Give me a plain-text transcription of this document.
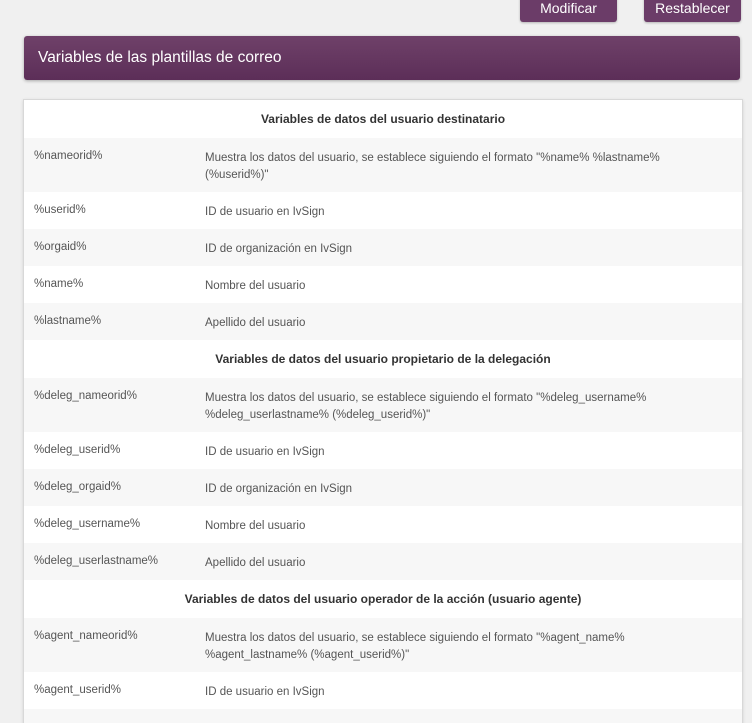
Modificar	Restablecer
Variables de las plantillas de correo
Variables de datos del usuario destinatario
%nameorid%	Muestra los datos del usuario, se establece siguiendo el formato "%name% %lastname% (%userid%)"
%userid%	ID de usuario en IvSign
%orgaid%	ID de organización en IvSign
%name%	Nombre del usuario
%lastname%	Apellido del usuario
Variables de datos del usuario propietario de la delegación
%deleg_nameorid%	Muestra los datos del usuario, se establece siguiendo el formato "%deleg_username% %deleg_userlastname% (%deleg_userid%)"
%deleg_userid%	ID de usuario en IvSign
%deleg_orgaid%	ID de organización en IvSign
%deleg_username%	Nombre del usuario
%deleg_userlastname%	Apellido del usuario
Variables de datos del usuario operador de la acción (usuario agente)
%agent_nameorid%	Muestra los datos del usuario, se establece siguiendo el formato "%agent_name% %agent_lastname% (%agent_userid%)"
%agent_userid%	ID de usuario en IvSign
